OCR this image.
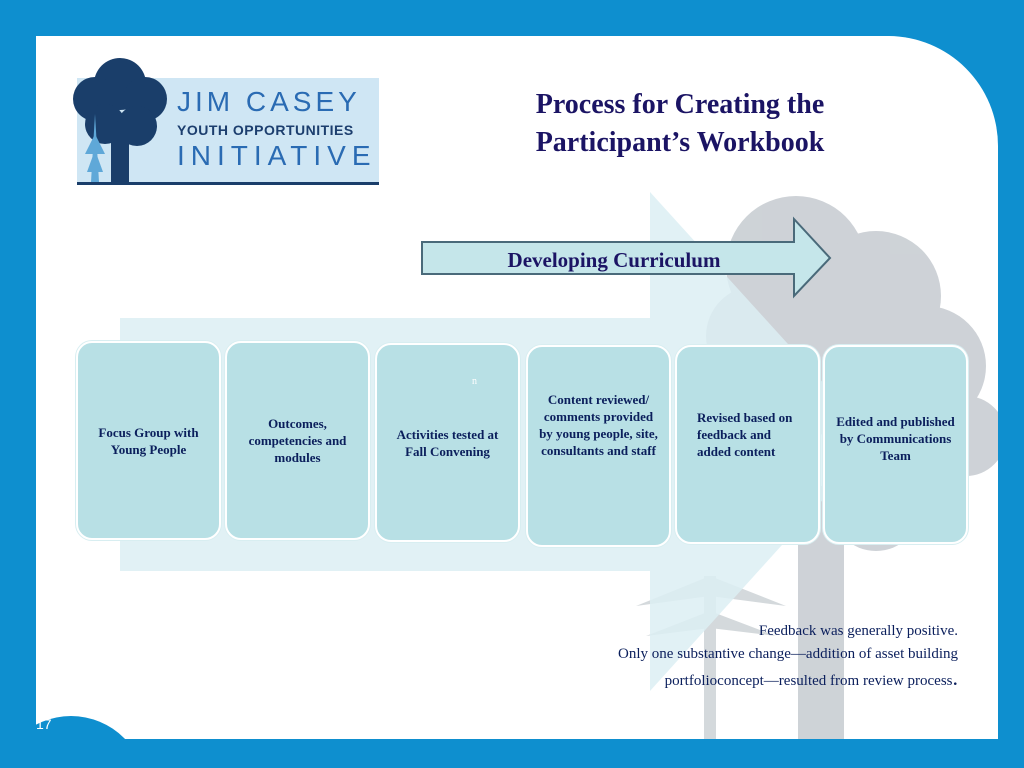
17
JIM CASEY
YOUTH OPPORTUNITIES
INITIATIVE
Process for Creating the
Participant’s Workbook
Developing Curriculum
Focus Group with Young People
Outcomes, competencies and modules
Activities tested at Fall Convening
Content reviewed/ comments provided by young people, site, consultants and staff
Revised based on feedback and added content
Edited and published by Communications Team
n

Feedback was generally positive.

Only one substantive change—addition of asset building

portfolioconcept—resulted from review process.
